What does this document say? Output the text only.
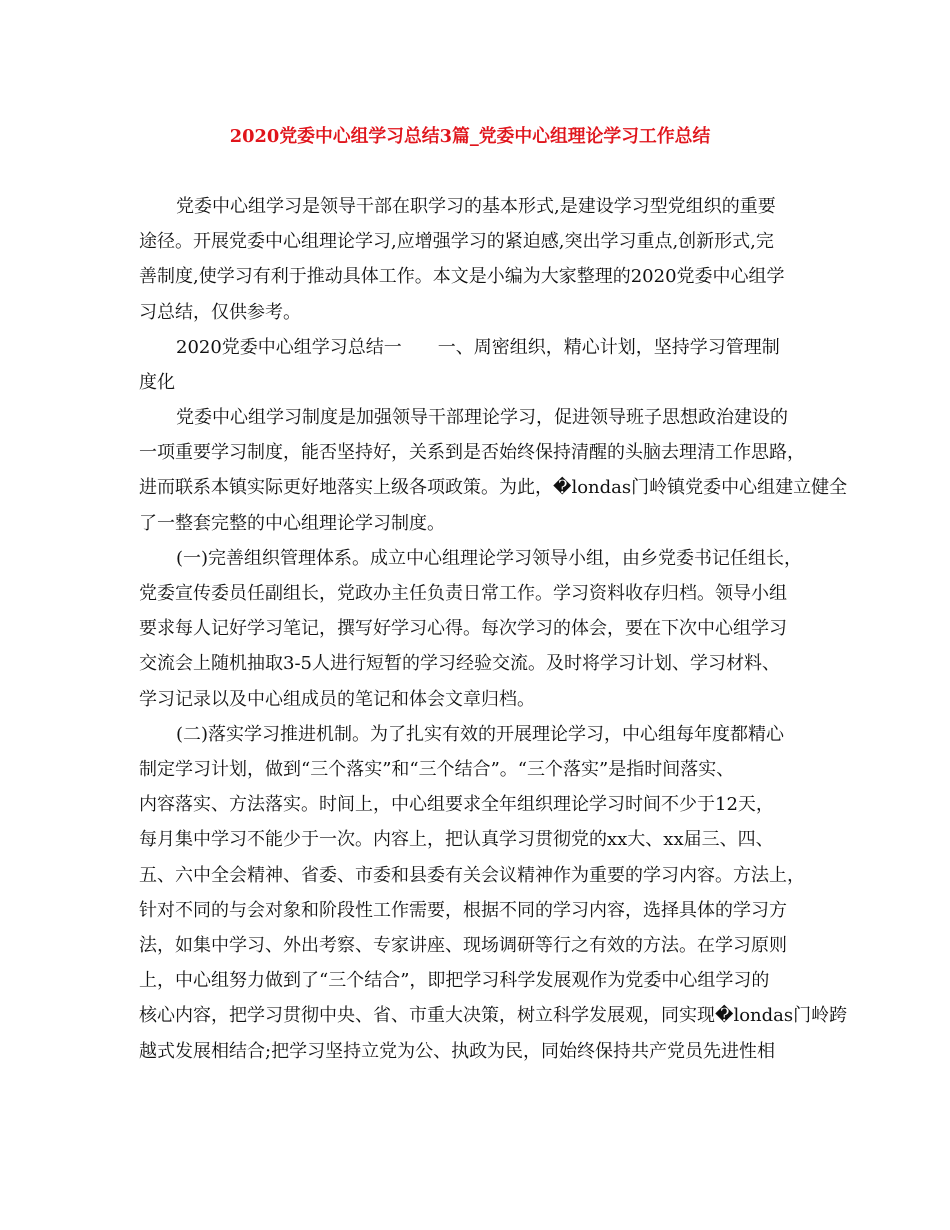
2020党委中心组学习总结3篇_党委中心组理论学习工作总结
党委中心组学习是领导干部在职学习的基本形式,是建设学习型党组织的重要
途径。开展党委中心组理论学习,应增强学习的紧迫感,突出学习重点,创新形式,完
善制度,使学习有利于推动具体工作。本文是小编为大家整理的2020党委中心组学
习总结，仅供参考。
2020党委中心组学习总结一　　一、周密组织，精心计划，坚持学习管理制
度化
党委中心组学习制度是加强领导干部理论学习，促进领导班子思想政治建设的
一项重要学习制度，能否坚持好，关系到是否始终保持清醒的头脑去理清工作思路，
进而联系本镇实际更好地落实上级各项政策。为此，�londas门岭镇党委中心组建立健全
了一整套完整的中心组理论学习制度。
(一)完善组织管理体系。成立中心组理论学习领导小组，由乡党委书记任组长，
党委宣传委员任副组长，党政办主任负责日常工作。学习资料收存归档。领导小组
要求每人记好学习笔记，撰写好学习心得。每次学习的体会，要在下次中心组学习
交流会上随机抽取3-5人进行短暂的学习经验交流。及时将学习计划、学习材料、
学习记录以及中心组成员的笔记和体会文章归档。
(二)落实学习推进机制。为了扎实有效的开展理论学习，中心组每年度都精心
制定学习计划，做到“三个落实”和“三个结合”。“三个落实”是指时间落实、
内容落实、方法落实。时间上，中心组要求全年组织理论学习时间不少于12天，
每月集中学习不能少于一次。内容上，把认真学习贯彻党的xx大、xx届三、四、
五、六中全会精神、省委、市委和县委有关会议精神作为重要的学习内容。方法上，
针对不同的与会对象和阶段性工作需要，根据不同的学习内容，选择具体的学习方
法，如集中学习、外出考察、专家讲座、现场调研等行之有效的方法。在学习原则
上，中心组努力做到了“三个结合”，即把学习科学发展观作为党委中心组学习的
核心内容，把学习贯彻中央、省、市重大决策，树立科学发展观，同实现�londas门岭跨
越式发展相结合;把学习坚持立党为公、执政为民，同始终保持共产党员先进性相
